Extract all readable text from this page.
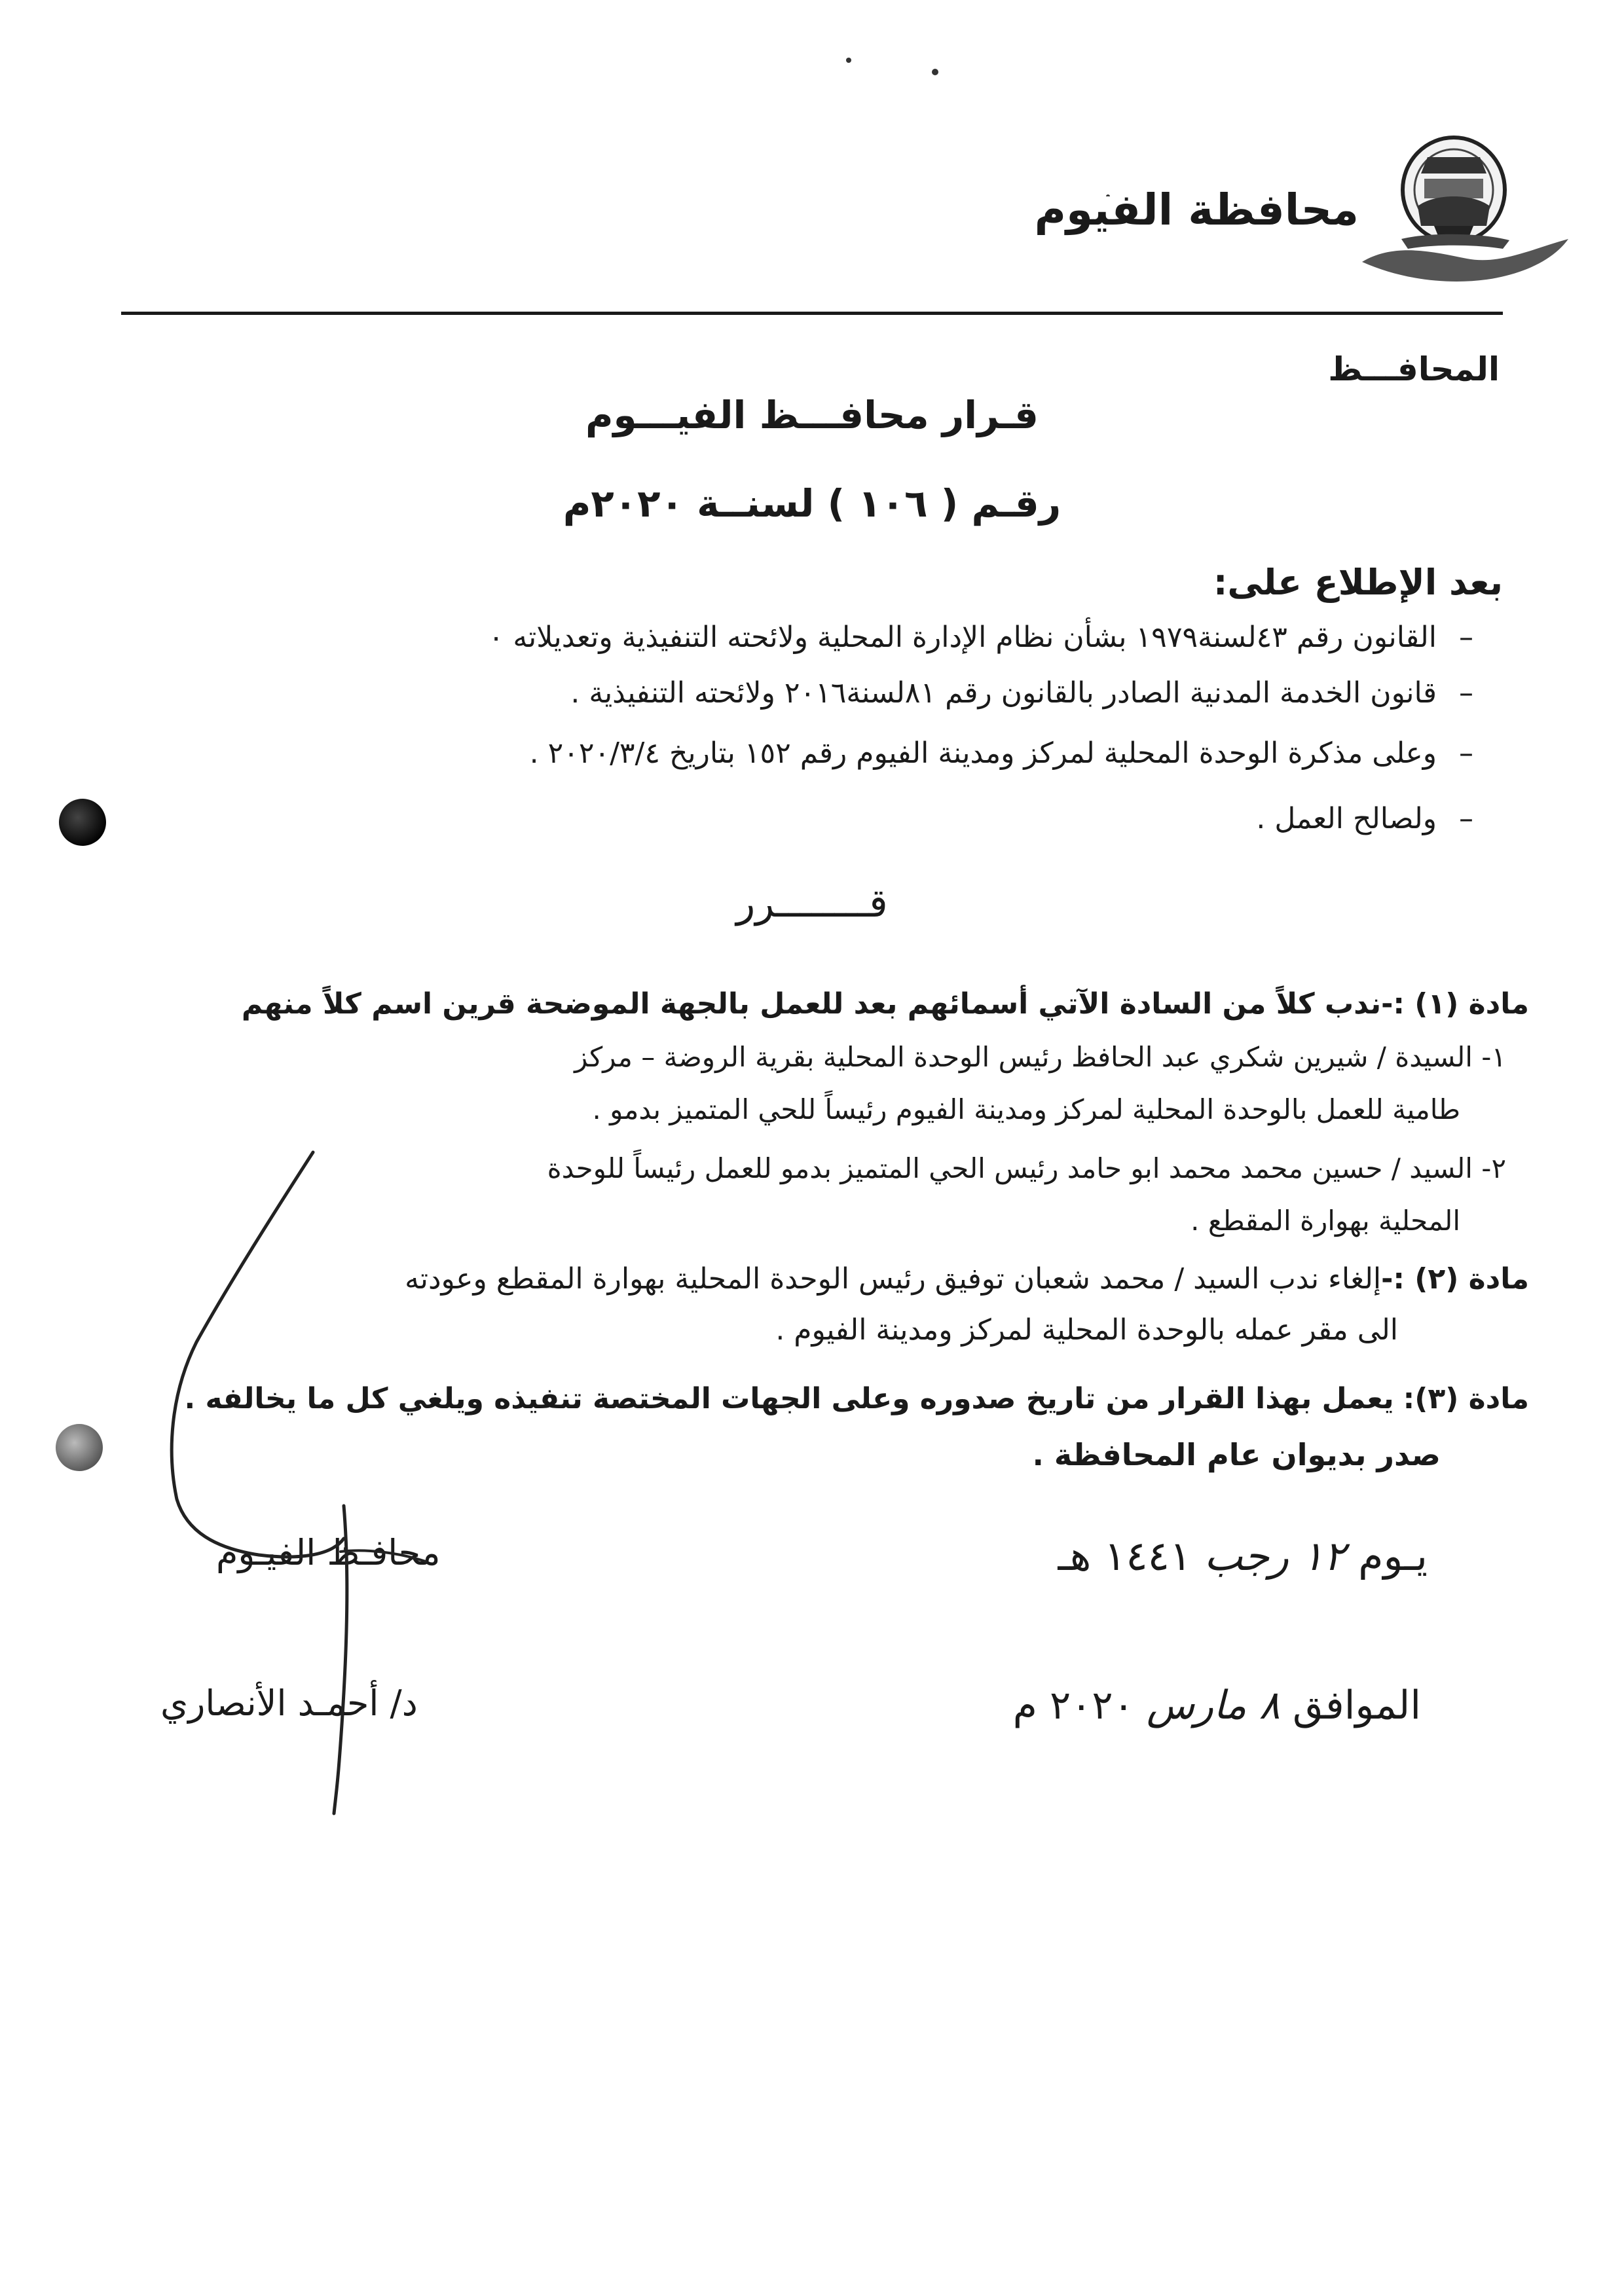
محافظة الفيوم
المحافـــظ
قـرار محافـــظ الفيـــوم
رقـم ( ١٠٦ ) لسنــة ٢٠٢٠م
بعد الإطلاع على:
–القانون رقم ٤٣لسنة١٩٧٩ بشأن نظام الإدارة المحلية ولائحته التنفيذية وتعديلاته ٠
–قانون الخدمة المدنية الصادر بالقانون رقم ٨١لسنة٢٠١٦ ولائحته التنفيذية .
–وعلى مذكرة الوحدة المحلية لمركز ومدينة الفيوم رقم ١٥٢ بتاريخ ٢٠٢٠/٣/٤ .
–ولصالح العمل .
قــــــــرر
مادة (١) :-ندب كلاً من السادة الآتي أسمائهم بعد للعمل بالجهة الموضحة قرين اسم كلاً منهم
١- السيدة / شيرين شكري عبد الحافظ رئيس الوحدة المحلية بقرية الروضة – مركز
طامية للعمل بالوحدة المحلية لمركز ومدينة الفيوم رئيساً للحي المتميز بدمو .
٢- السيد / حسين محمد محمد ابو حامد رئيس الحي المتميز بدمو للعمل رئيساً للوحدة
المحلية بهوارة المقطع .
مادة (٢) :-إلغاء ندب السيد / محمد شعبان توفيق رئيس الوحدة المحلية بهوارة المقطع وعودته
الى مقر عمله بالوحدة المحلية لمركز ومدينة الفيوم .
مادة (٣): يعمل بهذا القرار من تاريخ صدوره وعلى الجهات المختصة تنفيذه ويلغي كل ما يخالفه .
صدر بديوان عام المحافظة .
يـوم ١٢ رجب ١٤٤١ هـ
الموافق ٨ مارس ٢٠٢٠ م
محافـظ الفيـوم
د/ أحمـد الأنصاري
